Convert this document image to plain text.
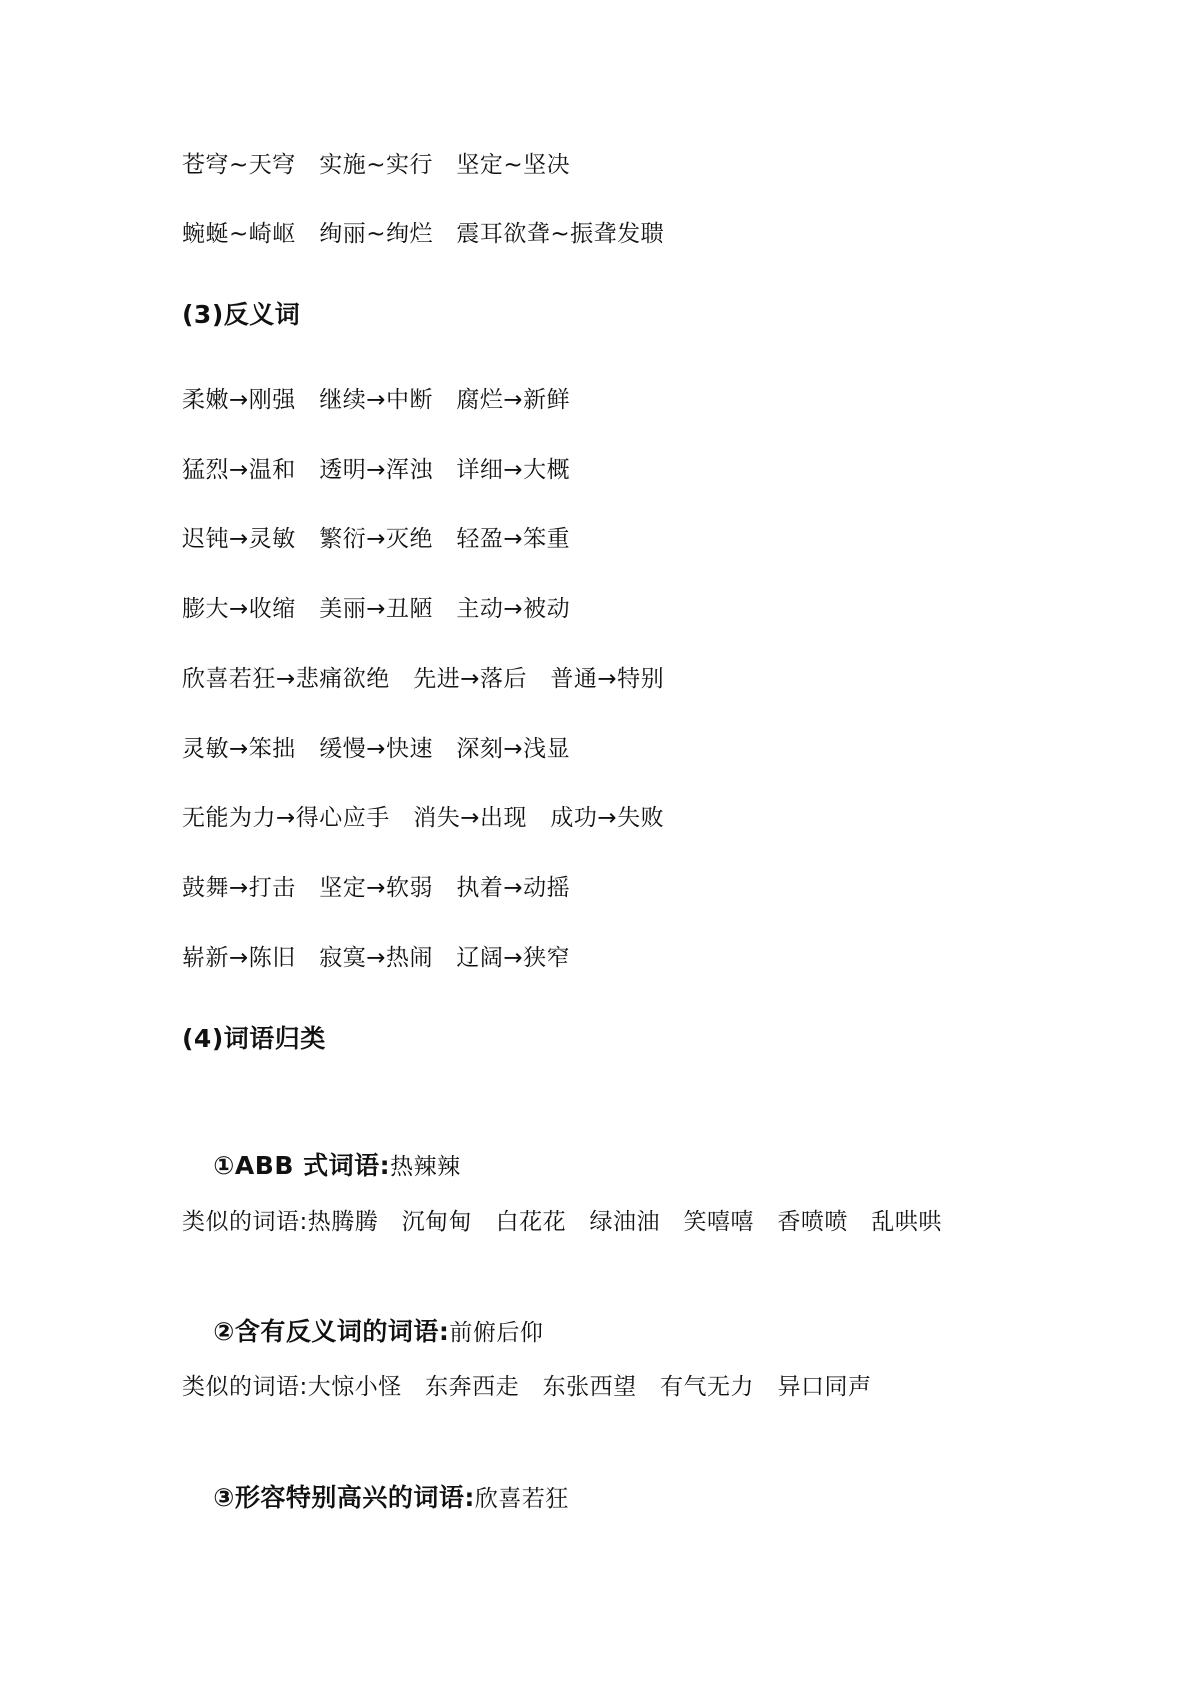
苍穹~天穹   实施~实行   坚定~坚决
蜿蜒~崎岖   绚丽~绚烂   震耳欲聋~振聋发聩
(3)反义词
柔嫩→刚强   继续→中断   腐烂→新鲜
猛烈→温和   透明→浑浊   详细→大概
迟钝→灵敏   繁衍→灭绝   轻盈→笨重
膨大→收缩   美丽→丑陋   主动→被动
欣喜若狂→悲痛欲绝   先进→落后   普通→特别
灵敏→笨拙   缓慢→快速   深刻→浅显
无能为力→得心应手   消失→出现   成功→失败
鼓舞→打击   坚定→软弱   执着→动摇
崭新→陈旧   寂寞→热闹   辽阔→狭窄
(4)词语归类

①ABB 式词语:热辣辣

类似的词语:热腾腾   沉甸甸   白花花   绿油油   笑嘻嘻   香喷喷   乱哄哄

②含有反义词的词语:前俯后仰

类似的词语:大惊小怪   东奔西走   东张西望   有气无力   异口同声

③形容特别高兴的词语:欣喜若狂
